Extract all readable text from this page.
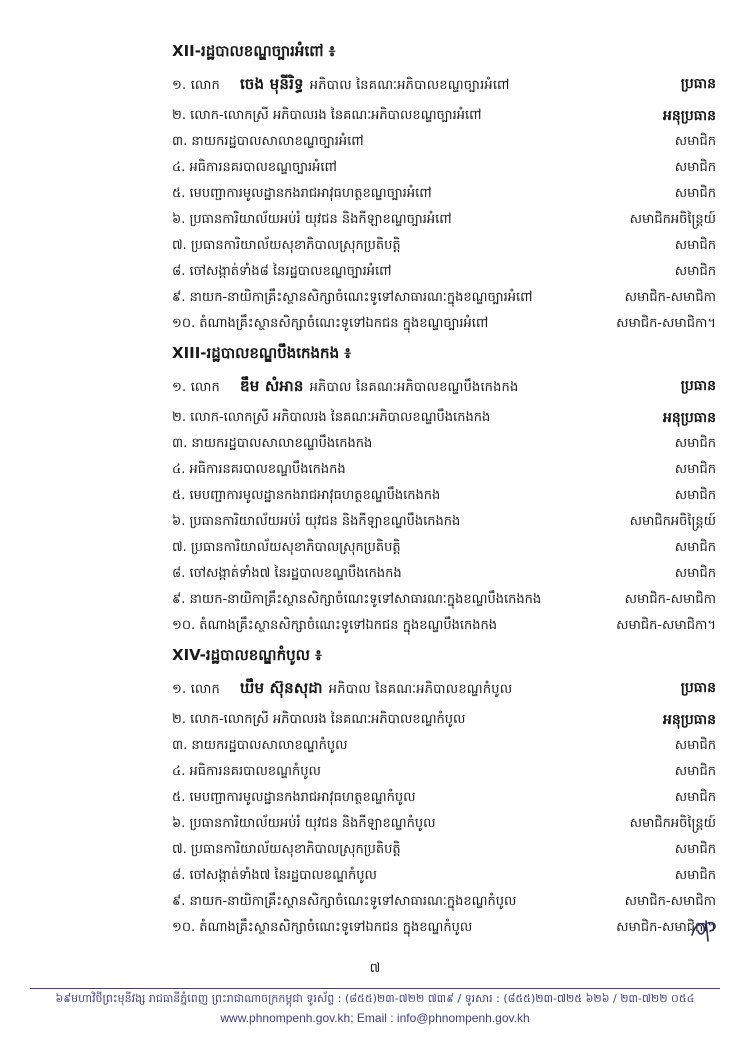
XII-រដ្ឋបាលខណ្ឌច្បារអំពៅ ៖
១. លោក ចេង មុនីរិទ្ធ អភិបាល នៃគណៈអភិបាលខណ្ឌច្បារអំពៅ	ប្រធាន
២. លោក-លោកស្រី អភិបាលរង នៃគណៈអភិបាលខណ្ឌច្បារអំពៅ	អនុប្រធាន
៣. នាយករដ្ឋបាលសាលាខណ្ឌច្បារអំពៅ	សមាជិក
៤. អធិការនគរបាលខណ្ឌច្បារអំពៅ	សមាជិក
៥. មេបញ្ជាការមូលដ្ឋានកងរាជអាវុធហត្ថខណ្ឌច្បារអំពៅ	សមាជិក
៦. ប្រធានការិយាល័យអប់រំ យុវជន និងកីឡាខណ្ឌច្បារអំពៅ	សមាជិកអចិន្ត្រៃយ៍
៧. ប្រធានការិយាល័យសុខាភិបាលស្រុកប្រតិបត្តិ	សមាជិក
៨. ចៅសង្កាត់ទាំង៨ នៃរដ្ឋបាលខណ្ឌច្បារអំពៅ	សមាជិក
៩. នាយក-នាយិកាគ្រឹះស្ថានសិក្សាចំណេះទូទៅសាធារណៈក្នុងខណ្ឌច្បារអំពៅ	សមាជិក-សមាជិកា
១០. តំណាងគ្រឹះស្ថានសិក្សាចំណេះទូទៅឯកជន ក្នុងខណ្ឌច្បារអំពៅ	សមាជិក-សមាជិកា។
XIII-រដ្ឋបាលខណ្ឌបឹងកេងកង ៖
១. លោក ឌឹម សំអាន អភិបាល នៃគណៈអភិបាលខណ្ឌបឹងកេងកង	ប្រធាន
២. លោក-លោកស្រី អភិបាលរង នៃគណៈអភិបាលខណ្ឌបឹងកេងកង	អនុប្រធាន
៣. នាយករដ្ឋបាលសាលាខណ្ឌបឹងកេងកង	សមាជិក
៤. អធិការនគរបាលខណ្ឌបឹងកេងកង	សមាជិក
៥. មេបញ្ជាការមូលដ្ឋានកងរាជអាវុធហត្ថខណ្ឌបឹងកេងកង	សមាជិក
៦. ប្រធានការិយាល័យអប់រំ យុវជន និងកីឡាខណ្ឌបឹងកេងកង	សមាជិកអចិន្ត្រៃយ៍
៧. ប្រធានការិយាល័យសុខាភិបាលស្រុកប្រតិបត្តិ	សមាជិក
៨. ចៅសង្កាត់ទាំង៧ នៃរដ្ឋបាលខណ្ឌបឹងកេងកង	សមាជិក
៩. នាយក-នាយិកាគ្រឹះស្ថានសិក្សាចំណេះទូទៅសាធារណៈក្នុងខណ្ឌបឹងកេងកង	សមាជិក-សមាជិកា
១០. តំណាងគ្រឹះស្ថានសិក្សាចំណេះទូទៅឯកជន ក្នុងខណ្ឌបឹងកេងកង	សមាជិក-សមាជិកា។
XIV-រដ្ឋបាលខណ្ឌកំបូល ៖
១. លោក ឃឹម ស៊ុនសុដា អភិបាល នៃគណៈអភិបាលខណ្ឌកំបូល	ប្រធាន
២. លោក-លោកស្រី អភិបាលរង នៃគណៈអភិបាលខណ្ឌកំបូល	អនុប្រធាន
៣. នាយករដ្ឋបាលសាលាខណ្ឌកំបូល	សមាជិក
៤. អធិការនគរបាលខណ្ឌកំបូល	សមាជិក
៥. មេបញ្ជាការមូលដ្ឋានកងរាជអាវុធហត្ថខណ្ឌកំបូល	សមាជិក
៦. ប្រធានការិយាល័យអប់រំ យុវជន និងកីឡាខណ្ឌកំបូល	សមាជិកអចិន្ត្រៃយ៍
៧. ប្រធានការិយាល័យសុខាភិបាលស្រុកប្រតិបត្តិ	សមាជិក
៨. ចៅសង្កាត់ទាំង៧ នៃរដ្ឋបាលខណ្ឌកំបូល	សមាជិក
៩. នាយក-នាយិកាគ្រឹះស្ថានសិក្សាចំណេះទូទៅសាធារណៈក្នុងខណ្ឌកំបូល	សមាជិក-សមាជិកា
១០. តំណាងគ្រឹះស្ថានសិក្សាចំណេះទូទៅឯកជន ក្នុងខណ្ឌកំបូល	សមាជិក-សមាជិកា។
៧
៦៩មហាវិថីព្រះមុនីវង្ស រាជធានីភ្នំពេញ ព្រះរាជាណាចក្រកម្ពុជា ទូរស័ព្ទ : (៨៥៥)២៣-៧២២ ៧៣៩ / ទូរសារ : (៨៥៥)២៣-៧២៥ ៦២៦ / ២៣-៧២២ ០៥៤
www.phnompenh.gov.kh; Email : info@phnompenh.gov.kh
